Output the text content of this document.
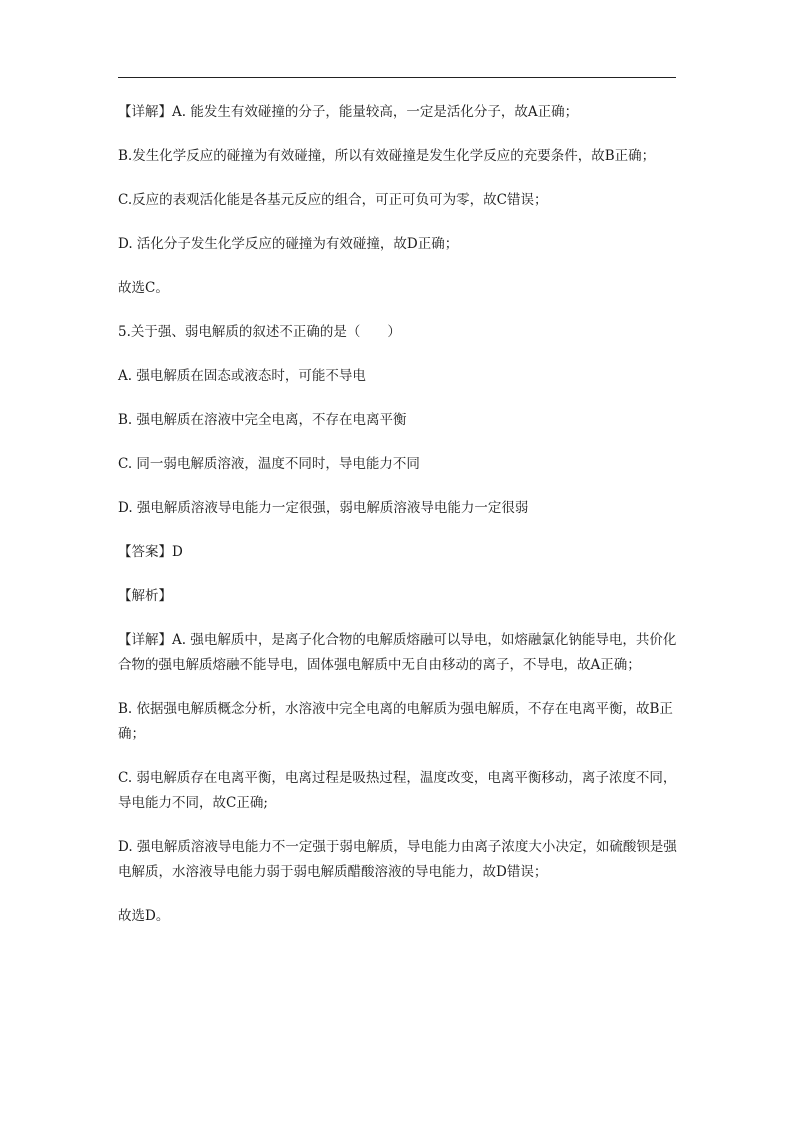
【详解】A. 能发生有效碰撞的分子，能量较高，一定是活化分子，故A正确；

B.发生化学反应的碰撞为有效碰撞，所以有效碰撞是发生化学反应的充要条件，故B正确；

C.反应的表观活化能是各基元反应的组合，可正可负可为零，故C错误；

D. 活化分子发生化学反应的碰撞为有效碰撞，故D正确；

故选C。

5.关于强、弱电解质的叙述不正确的是（　　）

A. 强电解质在固态或液态时，可能不导电

B. 强电解质在溶液中完全电离，不存在电离平衡

C. 同一弱电解质溶液，温度不同时，导电能力不同

D. 强电解质溶液导电能力一定很强，弱电解质溶液导电能力一定很弱

【答案】D

【解析】

【详解】A. 强电解质中，是离子化合物的电解质熔融可以导电，如熔融氯化钠能导电，共价化合物的强电解质熔融不能导电，固体强电解质中无自由移动的离子，不导电，故A正确；

B. 依据强电解质概念分析，水溶液中完全电离的电解质为强电解质，不存在电离平衡，故B正确；

C. 弱电解质存在电离平衡，电离过程是吸热过程，温度改变，电离平衡移动，离子浓度不同，导电能力不同，故C正确;

D. 强电解质溶液导电能力不一定强于弱电解质，导电能力由离子浓度大小决定，如硫酸钡是强电解质，水溶液导电能力弱于弱电解质醋酸溶液的导电能力，故D错误；

故选D。
